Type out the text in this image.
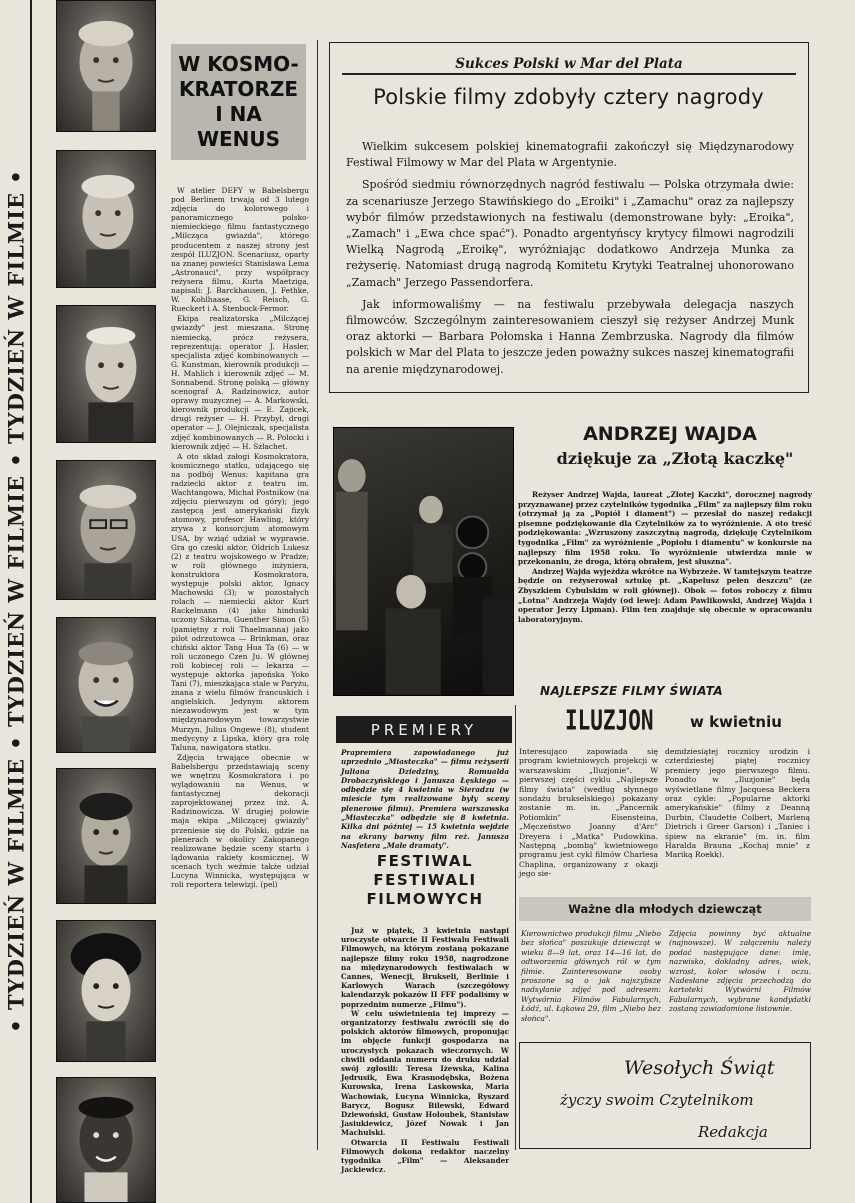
• TYDZIEŃ W FILMIE • TYDZIEŃ W FILMIE • TYDZIEŃ W FILMIE •
W KOSMO-
KRATORZE
I NA WENUS

W atelier DEFY w Babelsbergu pod Berlinem trwają od 3 lutego zdjęcia do kolorowego i panoramicznego polsko-niemieckiego filmu fantastycznego „Milcząca gwiazda", którego producentem z naszej strony jest zespół ILUZJON. Scenariusz, oparty na znanej powieści Stanisława Lema „Astronauci", przy współpracy reżysera filmu, Kurta Maetziga, napisali: J. Barckhausen, J. Fethke, W. Kohlhaase, G. Reisch, G. Rueckert i A. Stenbock-Fermor.

Ekipa realizatorska „Milczącej gwiazdy" jest mieszana. Stronę niemiecką, prócz reżysera, reprezentują: operator J. Hasler, specjalista zdjęć kombinowanych — G. Kunstman, kierownik produkcji — H. Mahlich i kierownik zdjęć — M. Sonnabend. Stronę polską — główny scenograf A. Radzinowicz, autor oprawy muzycznej — A. Markowski, kierownik produkcji — E. Zajicek, drugi reżyser — H. Przybył, drugi operator — J. Olejniczak, specjalista zdjęć kombinowanych — R. Polocki i kierownik zdjęć — H. Szlachet.

A oto skład załogi Kosmokratora, kosmicznego statku, udającego się na podbój Wenus: kapitana gra radziecki aktor z teatru im. Wachtangowa, Michał Postnikow (na zdjęciu pierwszym od góry); jego zastępcą jest amerykański fizyk atomowy, profesor Hawling, który zrywa z konsorcjum atomowym USA, by wziąć udział w wyprawie. Gra go czeski aktor, Oldrich Lukesz (2) z teatru wojskowego w Pradze; w roli głównego inżyniera, konstruktora Kosmokratora, występuje polski aktor, Ignacy Machowski (3); w pozostałych rolach — niemiecki aktor Kurt Rackelmann (4) jako hinduski uczony Sikarna, Guenther Simon (5) (pamiętny z roli Thaelmanna) jako pilot odrzutowca — Brinkman, oraz chiński aktor Tang Hua Ta (6) — w roli uczonego Czen Ju. W głównej roli kobiecej roli — lekarza — występuje aktorka japońska Yoko Tani (7), mieszkająca stale w Paryżu, znana z wielu filmów francuskich i angielskich. Jedynym aktorem niezawodowym jest w tym międzynarodowym towarzystwie Murzyn, Julius Ongewe (8), student medycyny z Lipska, który gra rolę Taluna, nawigatora statku.

Zdjęcia trwające obecnie w Babelsbergu przedstawiają sceny we wnętrzu Kosmokratora i po wylądowaniu na Wenus, w fantastycznej dekoracji zaprojektowanej przez inż. A. Radzinowicza. W drugiej połowie maja ekipa „Milczącej gwiazdy" przeniesie się do Polski, gdzie na plenerach w okolicy Zakopanego realizowane będzie sceny startu i lądowania rakiety kosmicznej. W scenach tych weźmie także udział Lucyna Winnicka, występująca w roli reportera telewizji. (pel)

Sukces Polski w Mar del Plata
Polskie filmy zdobyły cztery nagrody

Wielkim sukcesem polskiej kinematografii zakończył się Międzynarodowy Festiwal Filmowy w Mar del Plata w Argentynie.

Spośród siedmiu równorzędnych nagród festiwalu — Polska otrzymała dwie: za scenariusze Jerzego Stawińskiego do „Eroiki" i „Zamachu" oraz za najlepszy wybór filmów przedstawionych na festiwalu (demonstrowane były: „Eroika", „Zamach" i „Ewa chce spać"). Ponadto argentyńscy krytycy filmowi nagrodzili Wielką Nagrodą „Eroikę", wyróżniając dodatkowo Andrzeja Munka za reżyserię. Natomiast drugą nagrodą Komitetu Krytyki Teatralnej uhonorowano „Zamach" Jerzego Passendorfera.

Jak informowaliśmy — na festiwalu przebywała delegacja naszych filmowców. Szczególnym zainteresowaniem cieszył się reżyser Andrzej Munk oraz aktorki — Barbara Połomska i Hanna Zembrzuska. Nagrody dla filmów polskich w Mar del Plata to jeszcze jeden poważny sukces naszej kinematografii na arenie międzynarodowej.

ANDRZEJ WAJDA
dziękuje za „Złotą kaczkę"

Reżyser Andrzej Wajda, laureat „Złotej Kaczki", dorocznej nagrody przyznawanej przez czytelników tygodnika „Film" za najlepszy film roku (otrzymał ją za „Popiół i diament") — przesłał do naszej redakcji pisemne podziękowanie dla Czytelników za to wyróżnienie. A oto treść podziękowania: „Wzruszony zaszczytną nagrodą, dziękuję Czytelnikom tygodnika „Film" za wyróżnienie „Popiołu i diamentu" w konkursie na najlepszy film 1958 roku. To wyróżnienie utwierdza mnie w przekonaniu, że droga, którą obrałem, jest słuszna".

Andrzej Wajda wyjeżdża wkrótce na Wybrzeże. W tamtejszym teatrze będzie on reżyserował sztukę pt. „Kapelusz pełen deszczu" (ze Zbyszkiem Cybulskim w roli głównej). Obok — fotos roboczy z filmu „Lotna" Andrzeja Wajdy (od lewej: Adam Pawlikowski, Andrzej Wajda i operator Jerzy Lipman). Film ten znajduje się obecnie w opracowaniu laboratoryjnym.

PREMIERY
Prapremiera zapowiadanego już uprzednio „Miasteczka" — filmu reżyserii Juliana Dziedziny, Romualda Drobaczyńskiego i Janusza Łęskiego — odbędzie się 4 kwietnia w Sieradzu (w mieście tym realizowane były sceny plenerowe filmu). Premiera warszawska „Miasteczka" odbędzie się 8 kwietnia. Kilka dni później — 15 kwietnia wejdzie na ekrany barwny film reż. Janusza Nasfetera „Małe dramaty".
FESTIWAL
FESTIWALI
FILMOWYCH

Już w piątek, 3 kwietnia nastąpi uroczyste otwarcie II Festiwalu Festiwali Filmowych, na którym zostaną pokazane najlepsze filmy roku 1958, nagrodzone na międzynarodowych festiwalach w Cannes, Wenecji, Brukseli, Berlinie i Karlowych Warach (szczegółowy kalendarzyk pokazów II FFF podaliśmy w poprzednim numerze „Filmu").

W celu uświetnienia tej imprezy — organizatorzy festiwalu zwrócili się do polskich aktorów filmowych, proponując im objęcie funkcji gospodarza na uroczystych pokazach wieczornych. W chwili oddania numeru do druku udział swój zgłosili: Teresa Iżewska, Kalina Jędrusik, Ewa Krasnodębska, Bożena Kurowska, Irena Laskowska, Maria Wachowiak, Lucyna Winnicka, Ryszard Barycz, Bogusz Bilewski, Edward Dziewoński, Gustaw Holoubek, Stanisław Jasiukiewicz, Józef Nowak i Jan Machulski.

Otwarcia II Festiwalu Festiwali Filmowych dokona redaktor naczelny tygodnika „Film" — Aleksander Jackiewicz.

NAJLEPSZE FILMY ŚWIATA
ILUZJON w kwietniu
Interesująco zapowiada się program kwietniowych projekcji w warszawskim „Iluzjonie". W pierwszej części cyklu „Najlepsze filmy świata" (według słynnego sondażu brukselskiego) pokazany zostanie m. in. „Pancernik Potiomkin" Eisensteina, „Męczeństwo Joanny d'Arc" Dreyera i „Matka" Pudowkina. Następną „bombą" kwietniowego programu jest cykl filmów Charlesa Chaplina, organizowany z okazji jego sie-
demdziesiątej rocznicy urodzin i czterdziestej piątej rocznicy premiery jego pierwszego filmu. Ponadto w „Iluzjonie" będą wyświetlane filmy Jacquesa Beckera oraz cykle: „Popularne aktorki amerykańskie" (filmy z Deanną Durbin, Claudette Colbert, Marleną Dietrich i Greer Garson) i „Taniec i śpiew na ekranie" (m. in. film Haralda Brauna „Kochaj mnie" z Mariką Roekk).
Ważne dla młodych dziewcząt
Kierownictwo produkcji filmu „Niebo bez słońca" poszukuje dziewcząt w wieku 8—9 lat, oraz 14—16 lat, do odtworzenia głównych ról w tym filmie. Zainteresowane osoby proszone są o jak najszybsze nadsyłanie zdjęć pod adresem: Wytwórnia Filmów Fabularnych, Łódź, ul. Łąkowa 29, film „Niebo bez słońca".
Zdjęcia powinny być aktualne (najnowsze). W załączeniu należy podać następujące dane: imię, nazwisko, dokładny adres, wiek, wzrost, kolor włosów i oczu. Nadesłane zdjęcia przechodzą do kartoteki Wytwórni Filmów Fabularnych, wybrane kandydatki zostaną zawiadomione listownie.
Wesołych Świąt
życzy swoim Czytelnikom
Redakcja
